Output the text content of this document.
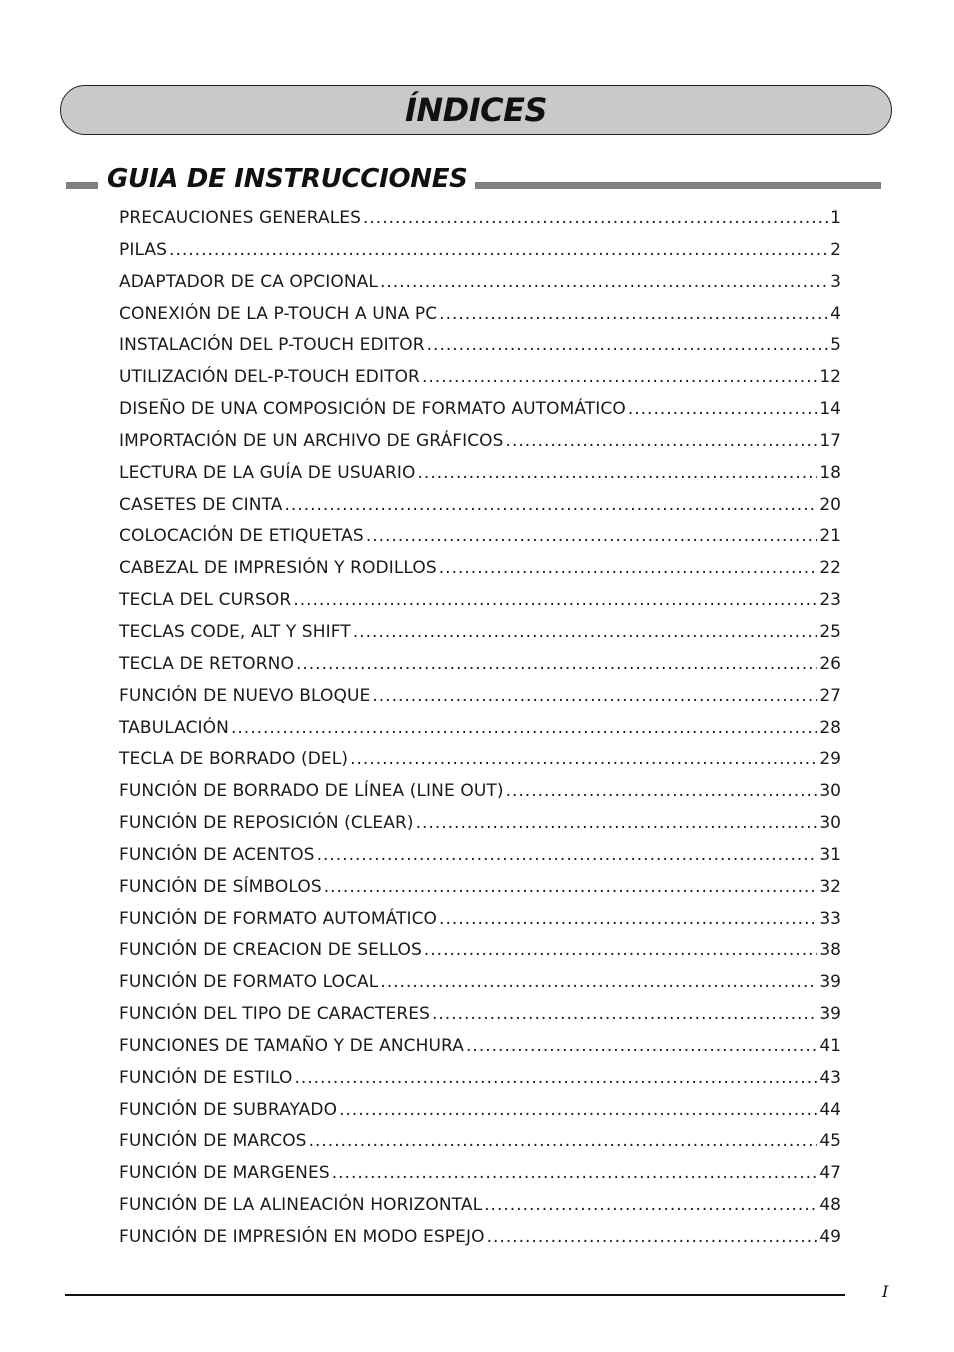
ÍNDICES
GUIA DE INSTRUCCIONES
PRECAUCIONES GENERALES .....	1
PILAS .....	2
ADAPTADOR DE CA OPCIONAL .....	3
CONEXIÓN DE LA P-TOUCH A UNA PC .....	4
INSTALACIÓN DEL P-TOUCH EDITOR .....	5
UTILIZACIÓN DEL-P-TOUCH EDITOR .....	12
DISEÑO DE UNA COMPOSICIÓN DE FORMATO AUTOMÁTICO .....	14
IMPORTACIÓN DE UN ARCHIVO DE GRÁFICOS .....	17
LECTURA DE LA GUÍA DE USUARIO .....	18
CASETES DE CINTA .....	20
COLOCACIÓN DE ETIQUETAS .....	21
CABEZAL DE IMPRESIÓN Y RODILLOS .....	22
TECLA DEL CURSOR .....	23
TECLAS CODE, ALT Y SHIFT .....	25
TECLA DE RETORNO .....	26
FUNCIÓN DE NUEVO BLOQUE .....	27
TABULACIÓN .....	28
TECLA DE BORRADO (DEL) .....	29
FUNCIÓN DE BORRADO DE LÍNEA (LINE OUT) .....	30
FUNCIÓN DE REPOSICIÓN (CLEAR) .....	30
FUNCIÓN DE ACENTOS .....	31
FUNCIÓN DE SÍMBOLOS .....	32
FUNCIÓN DE FORMATO AUTOMÁTICO .....	33
FUNCIÓN DE CREACION DE SELLOS .....	38
FUNCIÓN DE FORMATO LOCAL .....	39
FUNCIÓN DEL TIPO DE CARACTERES .....	39
FUNCIONES DE TAMAÑO Y DE ANCHURA .....	41
FUNCIÓN DE ESTILO .....	43
FUNCIÓN DE SUBRAYADO .....	44
FUNCIÓN DE MARCOS .....	45
FUNCIÓN DE MARGENES .....	47
FUNCIÓN DE LA ALINEACIÓN HORIZONTAL .....	48
FUNCIÓN DE IMPRESIÓN EN MODO ESPEJO .....	49
I
